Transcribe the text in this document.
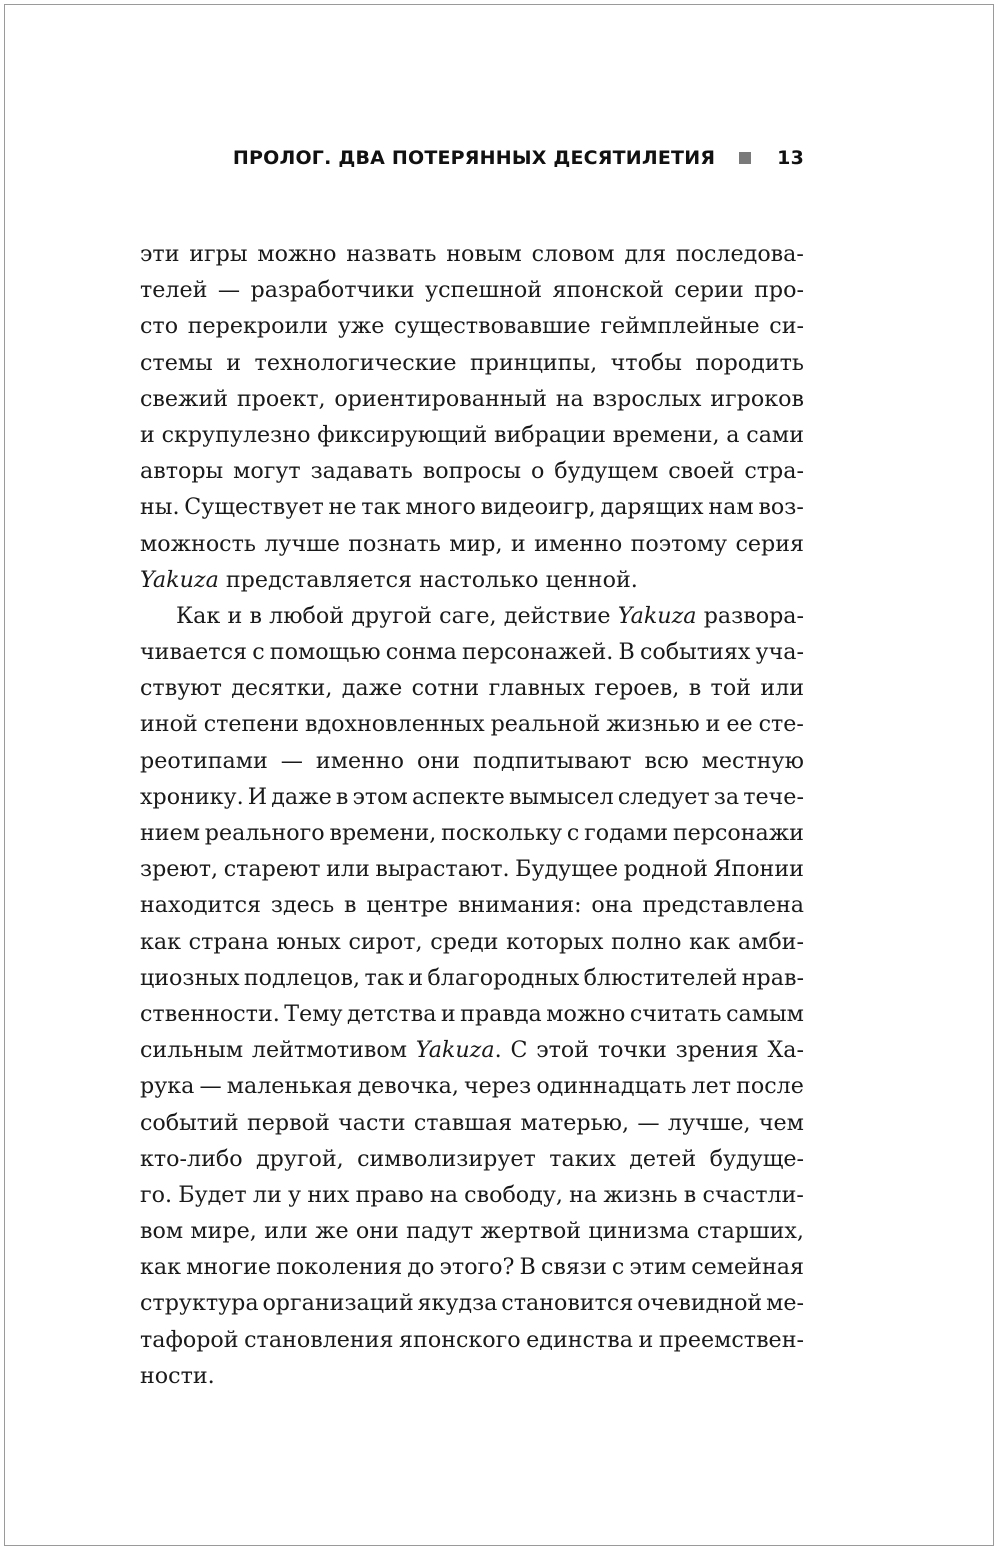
ПРОЛОГ. ДВА ПОТЕРЯННЫХ ДЕСЯТИЛЕТИЯ	13
эти игры можно назвать новым словом для последова-
телей — разработчики успешной японской серии про-
сто перекроили уже существовавшие геймплейные си-
стемы и технологические принципы, чтобы породить
свежий проект, ориентированный на взрослых игроков
и скрупулезно фиксирующий вибрации времени, а сами
авторы могут задавать вопросы о будущем своей стра-
ны. Существует не так много видеоигр, дарящих нам воз-
можность лучше познать мир, и именно поэтому серия
Yakuza представляется настолько ценной.
Как и в любой другой саге, действие Yakuza развора-
чивается с помощью сонма персонажей. В событиях уча-
ствуют десятки, даже сотни главных героев, в той или
иной степени вдохновленных реальной жизнью и ее сте-
реотипами — именно они подпитывают всю местную
хронику. И даже в этом аспекте вымысел следует за тече-
нием реального времени, поскольку с годами персонажи
зреют, стареют или вырастают. Будущее родной Японии
находится здесь в центре внимания: она представлена
как страна юных сирот, среди которых полно как амби-
циозных подлецов, так и благородных блюстителей нрав-
ственности. Тему детства и правда можно считать самым
сильным лейтмотивом Yakuza. С этой точки зрения Ха-
рука — маленькая девочка, через одиннадцать лет после
событий первой части ставшая матерью, — лучше, чем
кто-либо другой, символизирует таких детей будуще-
го. Будет ли у них право на свободу, на жизнь в счастли-
вом мире, или же они падут жертвой цинизма старших,
как многие поколения до этого? В связи с этим семейная
структура организаций якудза становится очевидной ме-
тафорой становления японского единства и преемствен-
ности.
